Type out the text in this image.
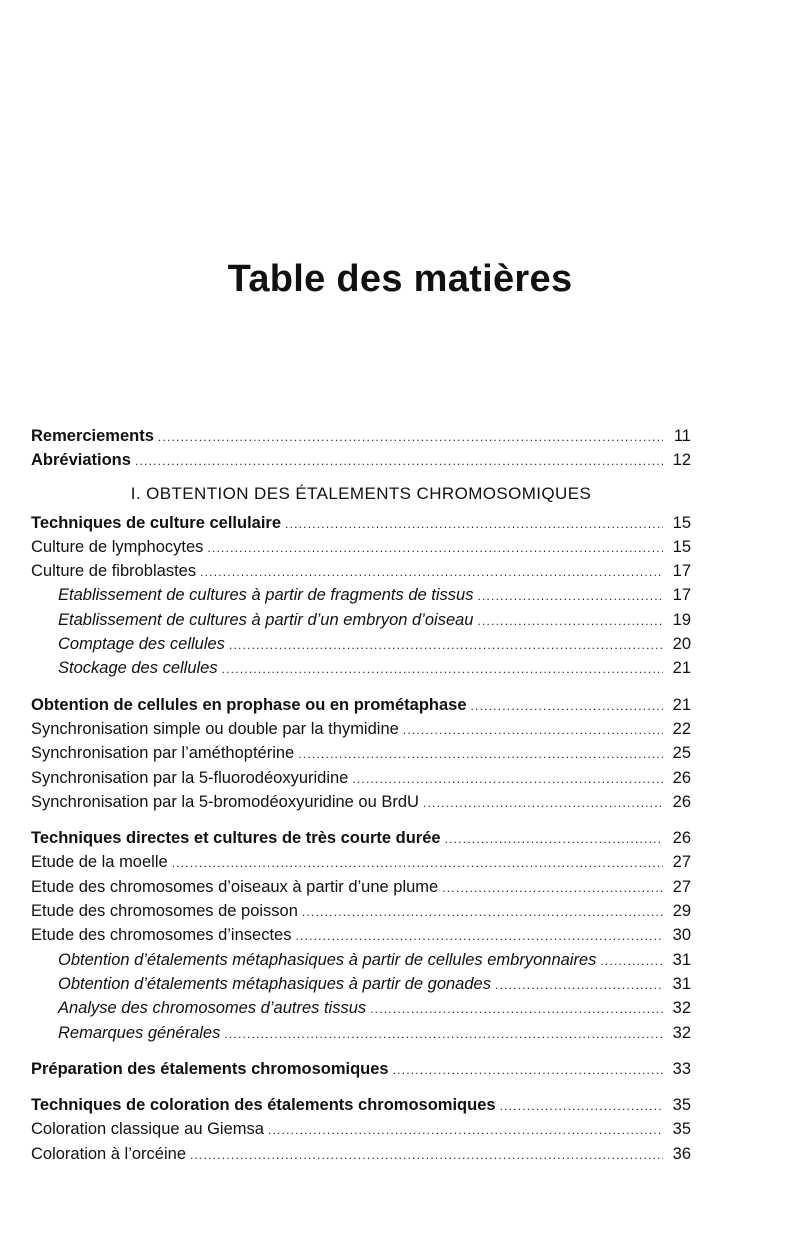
Table des matières
Remerciements .....	11
Abréviations .....	12
I. OBTENTION DES ÉTALEMENTS CHROMOSOMIQUES
Techniques de culture cellulaire .....	15
Culture de lymphocytes .....	15
Culture de fibroblastes .....	17
Etablissement de cultures à partir de fragments de tissus .....	17
Etablissement de cultures à partir d’un embryon d’oiseau .....	19
Comptage des cellules .....	20
Stockage des cellules .....	21
Obtention de cellules en prophase ou en prométaphase .....	21
Synchronisation simple ou double par la thymidine .....	22
Synchronisation par l’améthoptérine .....	25
Synchronisation par la 5-fluorodéoxyuridine .....	26
Synchronisation par la 5-bromodéoxyuridine ou BrdU .....	26
Techniques directes et cultures de très courte durée .....	26
Etude de la moelle .....	27
Etude des chromosomes d’oiseaux à partir d’une plume .....	27
Etude des chromosomes de poisson .....	29
Etude des chromosomes d’insectes .....	30
Obtention d’étalements métaphasiques à partir de cellules embryonnaires .....	31
Obtention d’étalements métaphasiques à partir de gonades .....	31
Analyse des chromosomes d’autres tissus .....	32
Remarques générales .....	32
Préparation des étalements chromosomiques .....	33
Techniques de coloration des étalements chromosomiques .....	35
Coloration classique au Giemsa .....	35
Coloration à l’orcéine .....	36
